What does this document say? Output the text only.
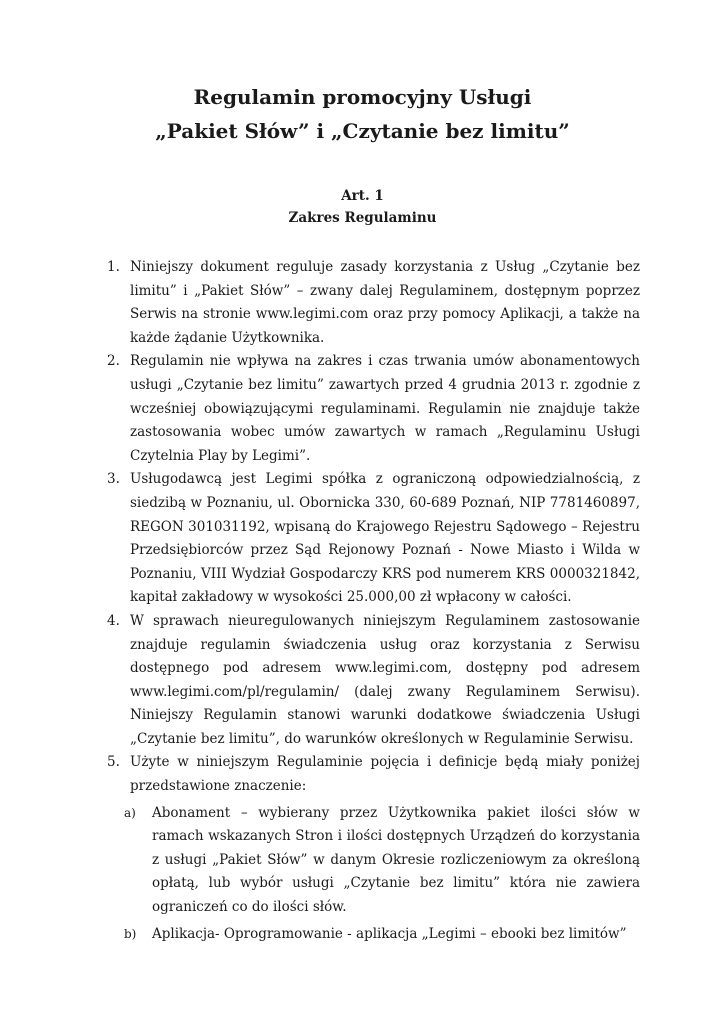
Regulamin promocyjny Usługi
„Pakiet Słów” i „Czytanie bez limitu”
Art. 1
Zakres Regulaminu
1. Niniejszy dokument reguluje zasady korzystania z Usług „Czytanie bez limitu” i „Pakiet Słów” – zwany dalej Regulaminem, dostępnym poprzez Serwis na stronie www.legimi.com oraz przy pomocy Aplikacji, a także na każde żądanie Użytkownika.
2. Regulamin nie wpływa na zakres i czas trwania umów abonamentowych usługi „Czytanie bez limitu” zawartych przed 4 grudnia 2013 r. zgodnie z wcześniej obowiązującymi regulaminami. Regulamin nie znajduje także zastosowania wobec umów zawartych w ramach „Regulaminu Usługi Czytelnia Play by Legimi”.
3. Usługodawcą jest Legimi spółka z ograniczoną odpowiedzialnością, z siedzibą w Poznaniu, ul. Obornicka 330, 60-689 Poznań, NIP 7781460897, REGON 301031192, wpisaną do Krajowego Rejestru Sądowego – Rejestru Przedsiębiorców przez Sąd Rejonowy Poznań - Nowe Miasto i Wilda w Poznaniu, VIII Wydział Gospodarczy KRS pod numerem KRS 0000321842, kapitał zakładowy w wysokości 25.000,00 zł wpłacony w całości.
4. W sprawach nieuregulowanych niniejszym Regulaminem zastosowanie znajduje regulamin świadczenia usług oraz korzystania z Serwisu dostępnego pod adresem www.legimi.com, dostępny pod adresem www.legimi.com/pl/regulamin/ (dalej zwany Regulaminem Serwisu). Niniejszy Regulamin stanowi warunki dodatkowe świadczenia Usługi „Czytanie bez limitu”, do warunków określonych w Regulaminie Serwisu.
5. Użyte w niniejszym Regulaminie pojęcia i definicje będą miały poniżej przedstawione znaczenie:
a) Abonament – wybierany przez Użytkownika pakiet ilości słów w ramach wskazanych Stron i ilości dostępnych Urządzeń do korzystania z usługi „Pakiet Słów” w danym Okresie rozliczeniowym za określoną opłatą, lub wybór usługi „Czytanie bez limitu” która nie zawiera ograniczeń co do ilości słów.
b) Aplikacja- Oprogramowanie - aplikacja „Legimi – ebooki bez limitów”
